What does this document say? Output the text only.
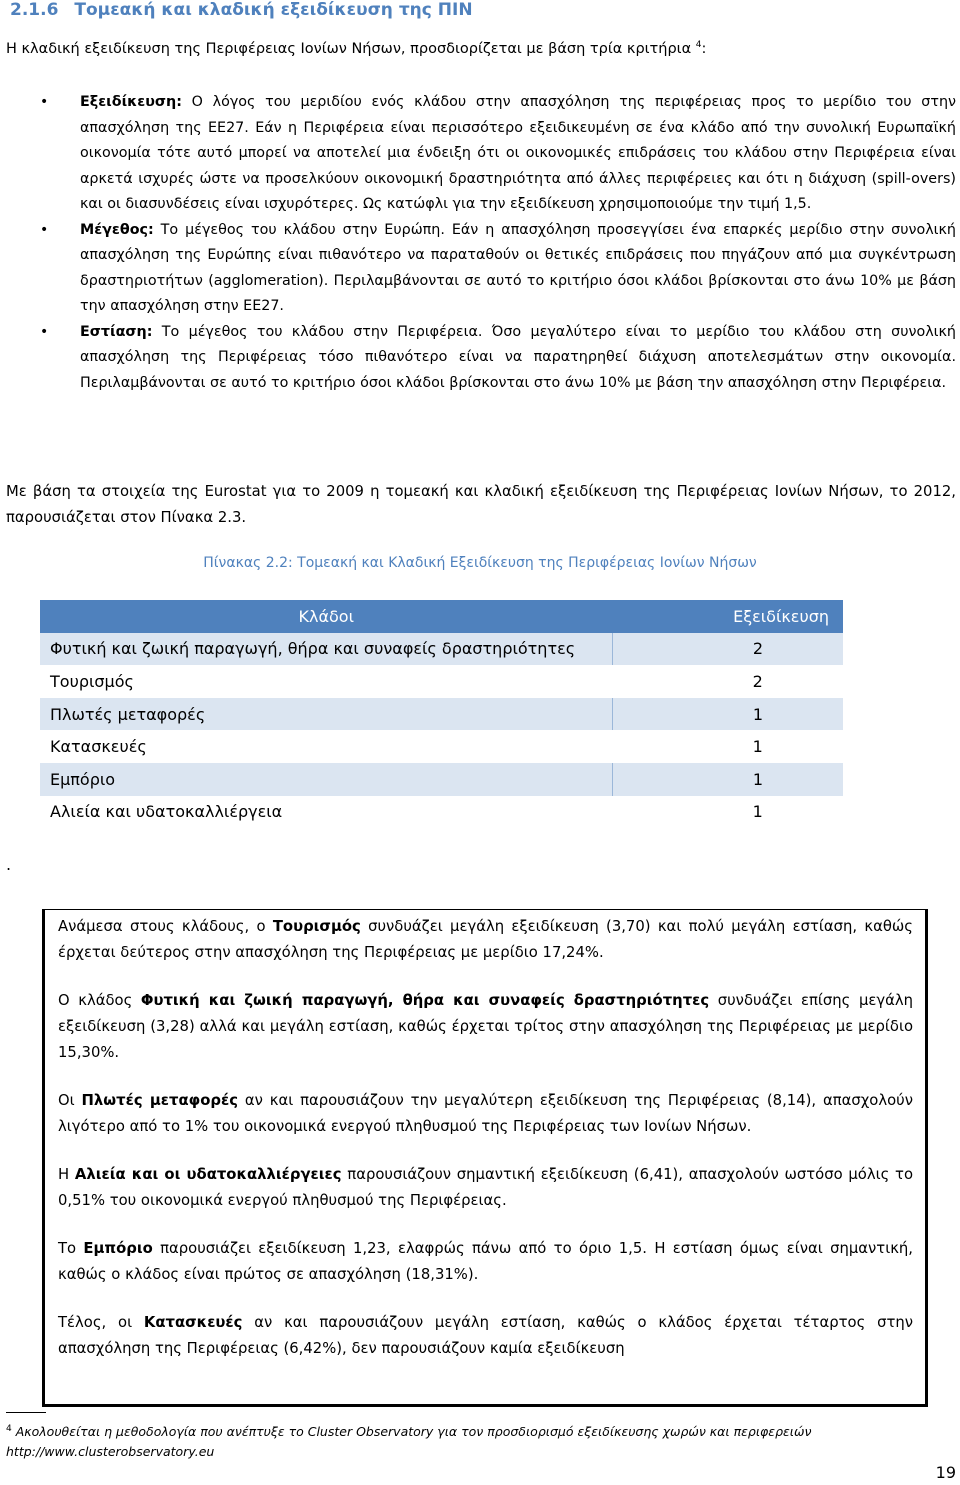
2.1.6 Τομεακή και κλαδική εξειδίκευση της ΠΙΝ
Η κλαδική εξειδίκευση της Περιφέρειας Ιονίων Νήσων, προσδιορίζεται με βάση τρία κριτήρια $^4$:
• Εξειδίκευση: Ο λόγος του μεριδίου ενός κλάδου στην απασχόληση της περιφέρειας προς το μερίδιο του στην απασχόληση της ΕΕ27. Εάν η Περιφέρεια είναι περισσότερο εξειδικευμένη σε ένα κλάδο από την συνολική Ευρωπαϊκή οικονομία τότε αυτό μπορεί να αποτελεί μια ένδειξη ότι οι οικονομικές επιδράσεις του κλάδου στην Περιφέρεια είναι αρκετά ισχυρές ώστε να προσελκύουν οικονομική δραστηριότητα από άλλες περιφέρειες και ότι η διάχυση (spill-overs) και οι διασυνδέσεις είναι ισχυρότερες. Ως κατώφλι για την εξειδίκευση χρησιμοποιούμε την τιμή 1,5.
• Μέγεθος: Το μέγεθος του κλάδου στην Ευρώπη. Εάν η απασχόληση προσεγγίσει ένα επαρκές μερίδιο στην συνολική απασχόληση της Ευρώπης είναι πιθανότερο να παραταθούν οι θετικές επιδράσεις που πηγάζουν από μια συγκέντρωση δραστηριοτήτων (agglomeration). Περιλαμβάνονται σε αυτό το κριτήριο όσοι κλάδοι βρίσκονται στο άνω 10% με βάση την απασχόληση στην ΕΕ27.
• Εστίαση: Το μέγεθος του κλάδου στην Περιφέρεια. Όσο μεγαλύτερο είναι το μερίδιο του κλάδου στη συνολική απασχόληση της Περιφέρειας τόσο πιθανότερο είναι να παρατηρηθεί διάχυση αποτελεσμάτων στην οικονομία. Περιλαμβάνονται σε αυτό το κριτήριο όσοι κλάδοι βρίσκονται στο άνω 10% με βάση την απασχόληση στην Περιφέρεια.
Με βάση τα στοιχεία της Eurostat για το 2009 η τομεακή και κλαδική εξειδίκευση της Περιφέρειας Ιονίων Νήσων, το 2012, παρουσιάζεται στον Πίνακα 2.3.
Πίνακας 2.2: Τομεακή και Κλαδική Εξειδίκευση της Περιφέρειας Ιονίων Νήσων
Κλάδοι	Εξειδίκευση
Φυτική και ζωική παραγωγή, θήρα και συναφείς δραστηριότητες	2
Τουρισμός	2
Πλωτές μεταφορές	1
Κατασκευές	1
Εμπόριο	1
Αλιεία και υδατοκαλλιέργεια	1
.

Ανάμεσα στους κλάδους, ο Τουρισμός συνδυάζει μεγάλη εξειδίκευση (3,70) και πολύ μεγάλη εστίαση, καθώς έρχεται δεύτερος στην απασχόληση της Περιφέρειας με μερίδιο 17,24%.

Ο κλάδος Φυτική και ζωική παραγωγή, θήρα και συναφείς δραστηριότητες συνδυάζει επίσης μεγάλη εξειδίκευση (3,28) αλλά και μεγάλη εστίαση, καθώς έρχεται τρίτος στην απασχόληση της Περιφέρειας με μερίδιο 15,30%.

Οι Πλωτές μεταφορές αν και παρουσιάζουν την μεγαλύτερη εξειδίκευση της Περιφέρειας (8,14), απασχολούν λιγότερο από το 1% του οικονομικά ενεργού πληθυσμού της Περιφέρειας των Ιονίων Νήσων.

Η Αλιεία και οι υδατοκαλλιέργειες παρουσιάζουν σημαντική εξειδίκευση (6,41), απασχολούν ωστόσο μόλις το 0,51% του οικονομικά ενεργού πληθυσμού της Περιφέρειας.

Το Εμπόριο παρουσιάζει εξειδίκευση 1,23, ελαφρώς πάνω από το όριο 1,5. Η εστίαση όμως είναι σημαντική, καθώς ο κλάδος είναι πρώτος σε απασχόληση (18,31%).

Τέλος, οι Κατασκευές αν και παρουσιάζουν μεγάλη εστίαση, καθώς ο κλάδος έρχεται τέταρτος στην απασχόληση της Περιφέρειας (6,42%), δεν παρουσιάζουν καμία εξειδίκευση

$^4$ Ακολουθείται η μεθοδολογία που ανέπτυξε το Cluster Observatory για τον προσδιορισμό εξειδίκευσης χωρών και περιφερειών http://www.clusterobservatory.eu
19
